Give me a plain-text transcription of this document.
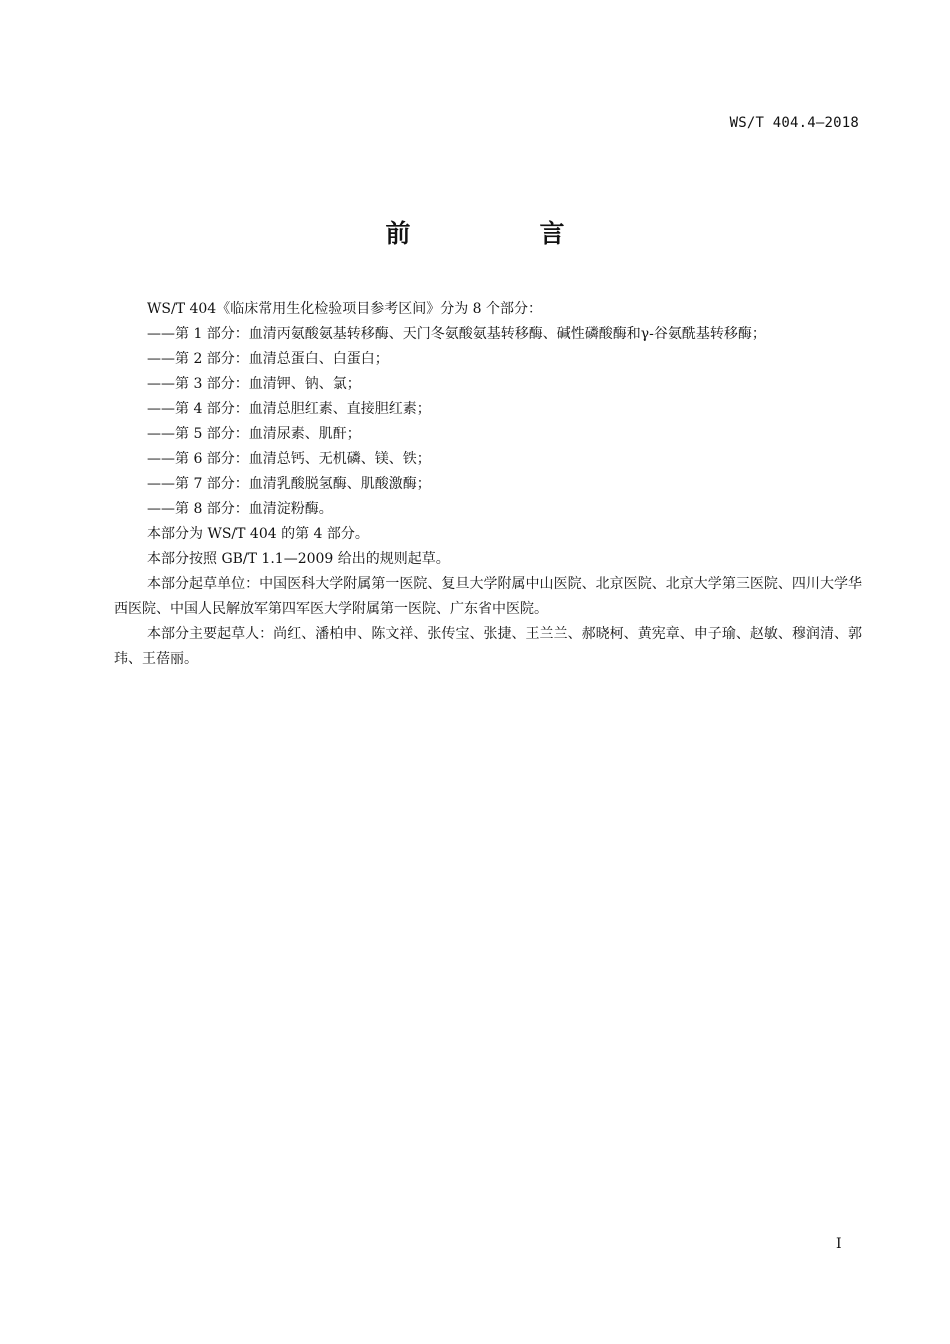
WS/T 404.4—2018
前　言

WS/T 404《临床常用生化检验项目参考区间》分为 8 个部分：

——第 1 部分：血清丙氨酸氨基转移酶、天门冬氨酸氨基转移酶、碱性磷酸酶和γ-谷氨酰基转移酶；

——第 2 部分：血清总蛋白、白蛋白；

——第 3 部分：血清钾、钠、氯；

——第 4 部分：血清总胆红素、直接胆红素；

——第 5 部分：血清尿素、肌酐；

——第 6 部分：血清总钙、无机磷、镁、铁；

——第 7 部分：血清乳酸脱氢酶、肌酸激酶；

——第 8 部分：血清淀粉酶。

本部分为 WS/T 404 的第 4 部分。

本部分按照 GB/T 1.1—2009 给出的规则起草。

本部分起草单位：中国医科大学附属第一医院、复旦大学附属中山医院、北京医院、北京大学第三医院、四川大学华西医院、中国人民解放军第四军医大学附属第一医院、广东省中医院。

本部分主要起草人：尚红、潘柏申、陈文祥、张传宝、张捷、王兰兰、郝晓柯、黄宪章、申子瑜、赵敏、穆润清、郭玮、王蓓丽。

I
